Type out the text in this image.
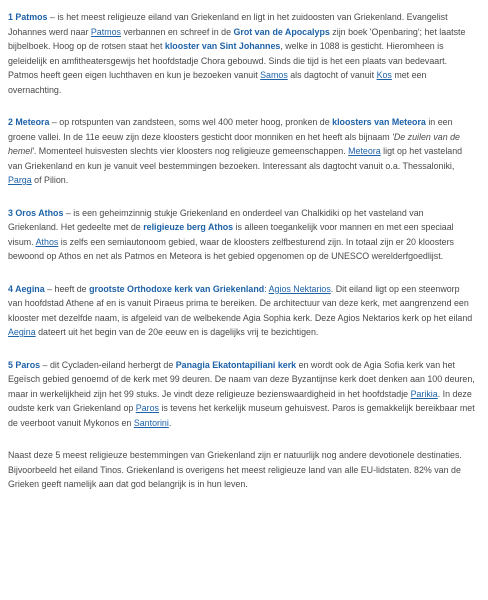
1 Patmos – is het meest religieuze eiland van Griekenland en ligt in het zuidoosten van Griekenland. Evangelist Johannes werd naar Patmos verbannen en schreef in de Grot van de Apocalyps zijn boek 'Openbaring'; het laatste bijbelboek. Hoog op de rotsen staat het klooster van Sint Johannes, welke in 1088 is gesticht. Hieromheen is geleidelijk en amfitheatersgewijs het hoofdstadje Chora gebouwd. Sinds die tijd is het een plaats van bedevaart. Patmos heeft geen eigen luchthaven en kun je bezoeken vanuit Samos als dagtocht of vanuit Kos met een overnachting.

2 Meteora – op rotspunten van zandsteen, soms wel 400 meter hoog, pronken de kloosters van Meteora in een groene vallei. In de 11e eeuw zijn deze kloosters gesticht door monniken en het heeft als bijnaam 'De zuilen van de hemel'. Momenteel huisvesten slechts vier kloosters nog religieuze gemeenschappen. Meteora ligt op het vasteland van Griekenland en kun je vanuit veel bestemmingen bezoeken. Interessant als dagtocht vanuit o.a. Thessaloniki, Parga of Pilion.

3 Oros Athos – is een geheimzinnig stukje Griekenland en onderdeel van Chalkidiki op het vasteland van Griekenland. Het gedeelte met de religieuze berg Athos is alleen toegankelijk voor mannen en met een speciaal visum. Athos is zelfs een semiautonoom gebied, waar de kloosters zelfbesturend zijn. In totaal zijn er 20 kloosters bewoond op Athos en net als Patmos en Meteora is het gebied opgenomen op de UNESCO werelderfgoedlijst.

4 Aegina – heeft de grootste Orthodoxe kerk van Griekenland: Agios Nektarios. Dit eiland ligt op een steenworp van hoofdstad Athene af en is vanuit Piraeus prima te bereiken. De architectuur van deze kerk, met aangrenzend een klooster met dezelfde naam, is afgeleid van de welbekende Agia Sophia kerk. Deze Agios Nektarios kerk op het eiland Aegina dateert uit het begin van de 20e eeuw en is dagelijks vrij te bezichtigen.

5 Paros – dit Cycladen-eiland herbergt de Panagia Ekatontapiliani kerk en wordt ook de Agia Sofia kerk van het Egeïsch gebied genoemd of de kerk met 99 deuren. De naam van deze Byzantijnse kerk doet denken aan 100 deuren, maar in werkelijkheid zijn het 99 stuks. Je vindt deze religieuze bezienswaardigheid in het hoofdstadje Parikia. In deze oudste kerk van Griekenland op Paros is tevens het kerkelijk museum gehuisvest. Paros is gemakkelijk bereikbaar met de veerboot vanuit Mykonos en Santorini.

Naast deze 5 meest religieuze bestemmingen van Griekenland zijn er natuurlijk nog andere devotionele destinaties. Bijvoorbeeld het eiland Tinos. Griekenland is overigens het meest religieuze land van alle EU-lidstaten. 82% van de Grieken geeft namelijk aan dat god belangrijk is in hun leven.
